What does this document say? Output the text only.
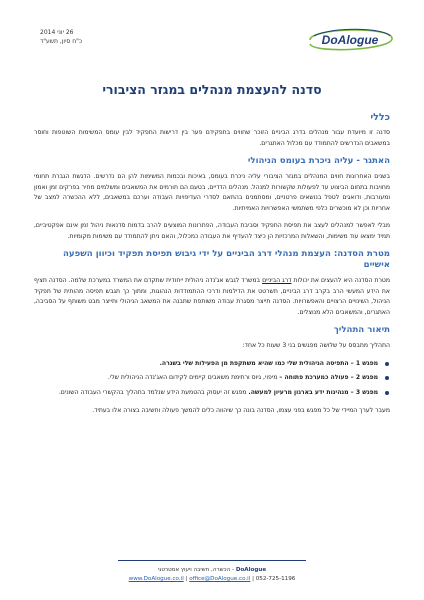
26 יוני 2014
כ"ח סיון, תשע"ד	DoAlogue
סדנה להעצמת מנהלים במגזר הציבורי
כללי
סדנה זו מיועדת עבור מנהלים בדרג הביניים הזוכר שחווים בתפקידם פער בין דרישות התפקיד לבין עומס המשימות השוטפות וחוסר במשאבים הנדרשים להתמודד עם מכלול האתגרים.
האתגר - עליה ניכרת בעומס הניהולי
בשנים האחרונות חווים המנהלים במגזר הציבורי עליה ניכרת בעומס, באיכות ובכמות המשימות להן הם נדרשים. הדגשת הגברת תחומי מחויבות בתחום הביצוע עד לפעולות שקשורות למנהל. מנהלים הדדיים, בטעם הם תורמים את המשאבים ומשלמים מחיר בפרקים זמן ואמון ומעורבות, ודואגים לטפל בנושאים פרטניים, ומסתמנים בהתאם לסדרי העדיפויות העבודה וערכם במשאבים, ללא ההכשרה למצב של אחריות וכן לא מוכשרים כלפי משתמשי האפשרויות האמיתיות.
מבלי לאפשר למנהלים לעצב את תפיסת התפקיד וסביבת העבודה, הפתרונות המוצעים להרב בדמות סדנאות ניהול זמן אינם אפקטיביים, תמיד ימצאו עוד משימות, והשאלות המרכזיות הן כיצד להעדיף את העבודה כמכלול, והאם ניתן להתמודד עם משימות מקומיות.
מטרת הסדנה: העצמת מנהלי דרג הביניים על ידי גיבוש תפיסת תפקיד וכיוון השפעה אישיים
מטרת הסדנה היא להעצים את יכולות דרג הביניים במשרד לגבש אג'נדה ניהולית ייחודית שתקדם את המשרד במערכת שלמה. הסדנה תציף את הידע המעשי הרב בקרב דרג הביניים, תשרטט את הדילמות ודרכי ההתמודדות הנהוגות, ומתוך כך תגבש תפיסה מהותית של תפקיד הניהול, השינויים הרצויים והאפשרויות. הסדנה תייצר מסגרת עבודה משותפת שתבנה את המשאב הניהולי ותייצר מבט משותף על הסביבה, האתגרים, והמשאבים הלא מנוצלים.
תיאור התהליך
התהליך מתבסס על שלושה מפגשים בני 3 שעות כל אחד:
מפגש 1 – התפיסה הניהולית שלי כמו שהיא משתקפת מן הפעילות שלי בשגרה.
מפגש 2 – פעולה כמערכת פתוחה – מיפוי, גיוס ורתימת משאבים קיימים לקידום האג'נדה הניהולית שלי.
מפגש 3 – מנהיגות ידע בארגון מרעיון למעשה. מפגש זה יעסוק בהטמעת הידע שנלמד בתהליך בהקשרי העבודה השונים.
מעבר לערך המיידי של כל מפגש בפני עצמו, הסדנה בונה כך שיהווה כלים להמשך פעולה וחשיבה בצורה אלו בעתיד.
DoAlogue - הכשרה, חשיבה ויעוץ אסטרטגי
052-725-1196 | www.DoAlogue.co.il | office@DoAlogue.co.il
